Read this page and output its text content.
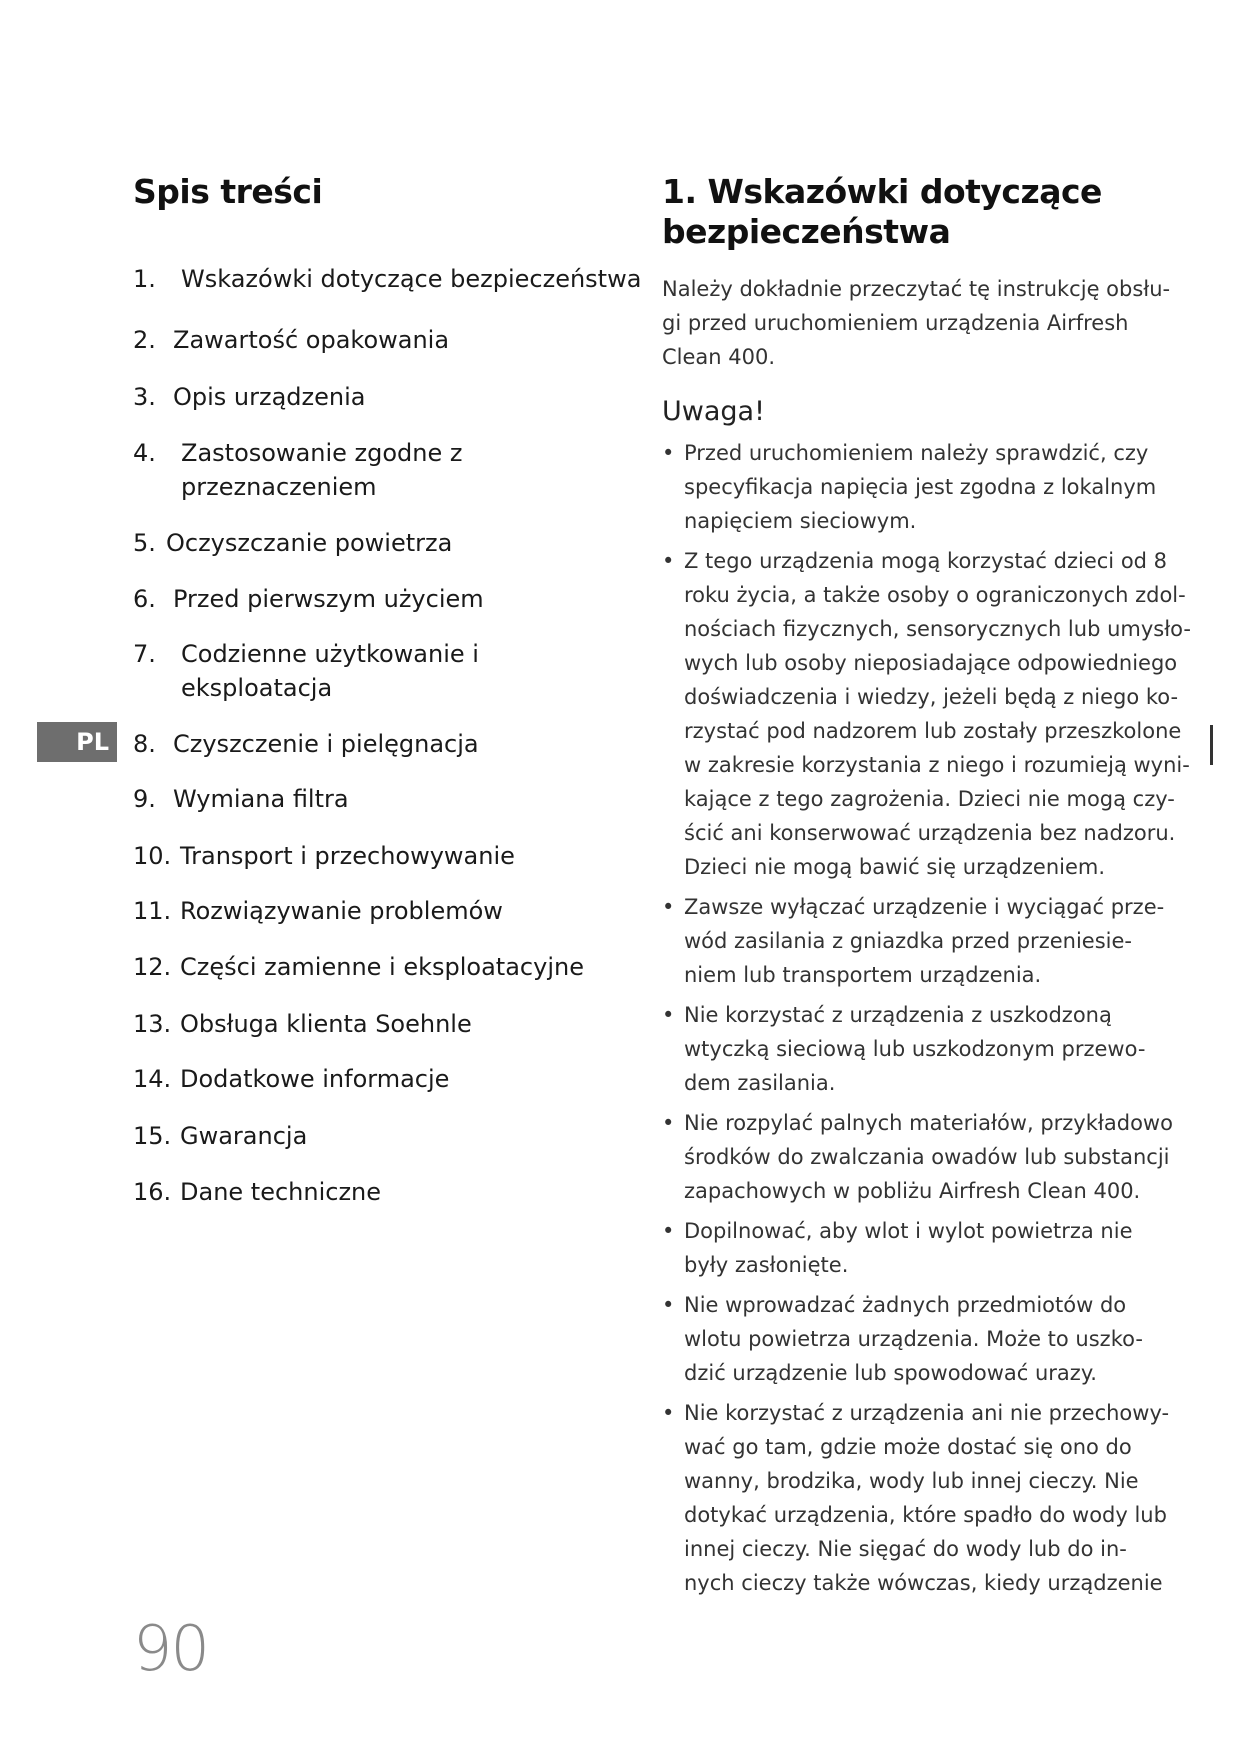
Spis treści
1. Wskazówki dotyczące bezpieczeństwa
2. Zawartość opakowania
3. Opis urządzenia
4. Zastosowanie zgodne z
przeznaczeniem
5. Oczyszczanie powietrza
6. Przed pierwszym użyciem
7. Codzienne użytkowanie i
eksploatacja
8. Czyszczenie i pielęgnacja
9. Wymiana filtra
10. Transport i przechowywanie
11. Rozwiązywanie problemów
12. Części zamienne i eksploatacyjne
13. Obsługa klienta Soehnle
14. Dodatkowe informacje
15. Gwarancja
16. Dane techniczne
PL
1. Wskazówki dotyczące
bezpieczeństwa
Należy dokładnie przeczytać tę instrukcję obsłu-
gi przed uruchomieniem urządzenia Airfresh
Clean 400.
Uwaga!
• Przed uruchomieniem należy sprawdzić, czy
specyfikacja napięcia jest zgodna z lokalnym
napięciem sieciowym.
• Z tego urządzenia mogą korzystać dzieci od 8
roku życia, a także osoby o ograniczonych zdol-
nościach fizycznych, sensorycznych lub umysło-
wych lub osoby nieposiadające odpowiedniego
doświadczenia i wiedzy, jeżeli będą z niego ko-
rzystać pod nadzorem lub zostały przeszkolone
w zakresie korzystania z niego i rozumieją wyni-
kające z tego zagrożenia. Dzieci nie mogą czy-
ścić ani konserwować urządzenia bez nadzoru.
Dzieci nie mogą bawić się urządzeniem.
• Zawsze wyłączać urządzenie i wyciągać prze-
wód zasilania z gniazdka przed przeniesie-
niem lub transportem urządzenia.
• Nie korzystać z urządzenia z uszkodzoną
wtyczką sieciową lub uszkodzonym przewo-
dem zasilania.
• Nie rozpylać palnych materiałów, przykładowo
środków do zwalczania owadów lub substancji
zapachowych w pobliżu Airfresh Clean 400.
• Dopilnować, aby wlot i wylot powietrza nie
były zasłonięte.
• Nie wprowadzać żadnych przedmiotów do
wlotu powietrza urządzenia. Może to uszko-
dzić urządzenie lub spowodować urazy.
• Nie korzystać z urządzenia ani nie przechowy-
wać go tam, gdzie może dostać się ono do
wanny, brodzika, wody lub innej cieczy. Nie
dotykać urządzenia, które spadło do wody lub
innej cieczy. Nie sięgać do wody lub do in-
nych cieczy także wówczas, kiedy urządzenie
90
